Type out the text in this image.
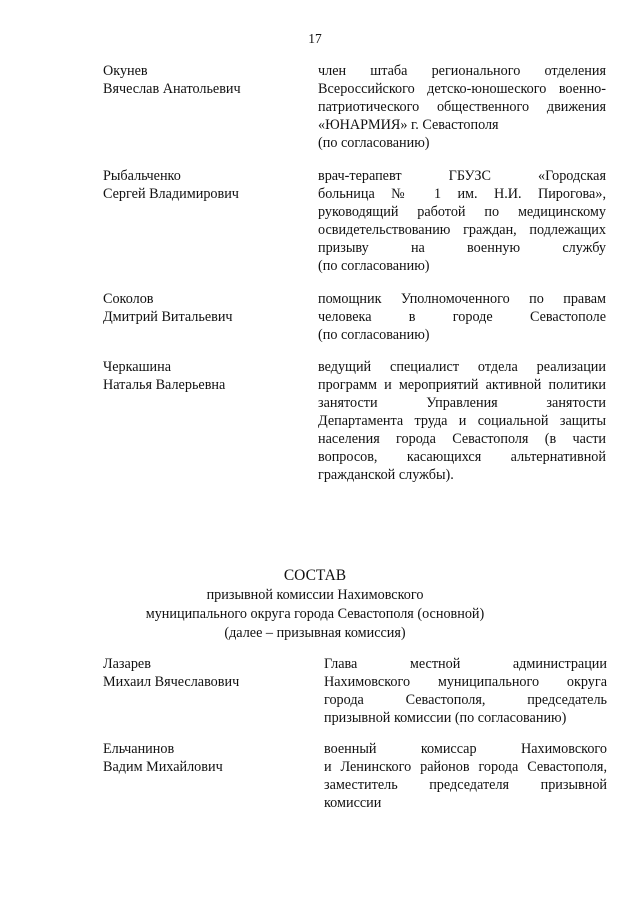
17
Окунев
Вячеслав Анатольевич
член штаба регионального отделения
Всероссийского детско-юношеского военно-
патриотического общественного движения
«ЮНАРМИЯ» г. Севастополя
(по согласованию)
Рыбальченко
Сергей Владимирович
врач-терапевт ГБУЗС «Городская
больница № 1 им. Н.И. Пирогова»,
руководящий работой по медицинскому
освидетельствованию граждан, подлежащих
призыву на военную службу
(по согласованию)
Соколов
Дмитрий Витальевич
помощник Уполномоченного по правам
человека в городе Севастополе
(по согласованию)
Черкашина
Наталья Валерьевна
ведущий специалист отдела реализации
программ и мероприятий активной политики
занятости Управления занятости
Департамента труда и социальной защиты
населения города Севастополя (в части
вопросов, касающихся альтернативной
гражданской службы).
СОСТАВ
призывной комиссии Нахимовского
муниципального округа города Севастополя (основной)
(далее – призывная комиссия)
Лазарев
Михаил Вячеславович
Глава местной администрации
Нахимовского муниципального округа
города Севастополя, председатель
призывной комиссии (по согласованию)
Ельчанинов
Вадим Михайлович
военный комиссар Нахимовского
и Ленинского районов города Севастополя,
заместитель председателя призывной
комиссии
